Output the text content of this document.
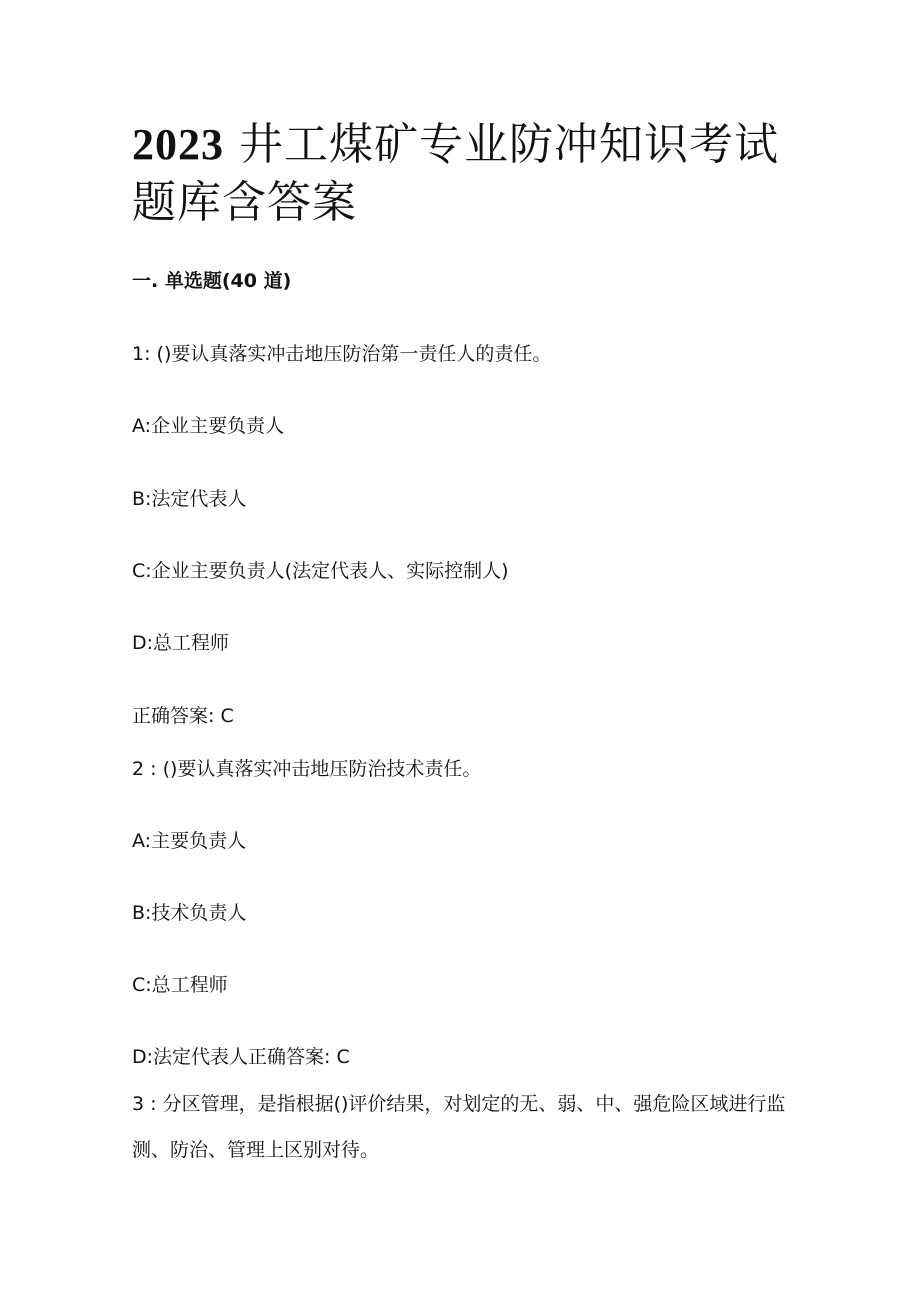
2023 井工煤矿专业防冲知识考试题库含答案

一. 单选题(40 道)

1: ()要认真落实冲击地压防治第一责任人的责任。

A:企业主要负责人

B:法定代表人

C:企业主要负责人(法定代表人、实际控制人)

D:总工程师

正确答案: C

2 : ()要认真落实冲击地压防治技术责任。

A:主要负责人

B:技术负责人

C:总工程师

D:法定代表人正确答案: C

3 : 分区管理，是指根据()评价结果，对划定的无、弱、中、强危险区域进行监测、防治、管理上区别对待。
